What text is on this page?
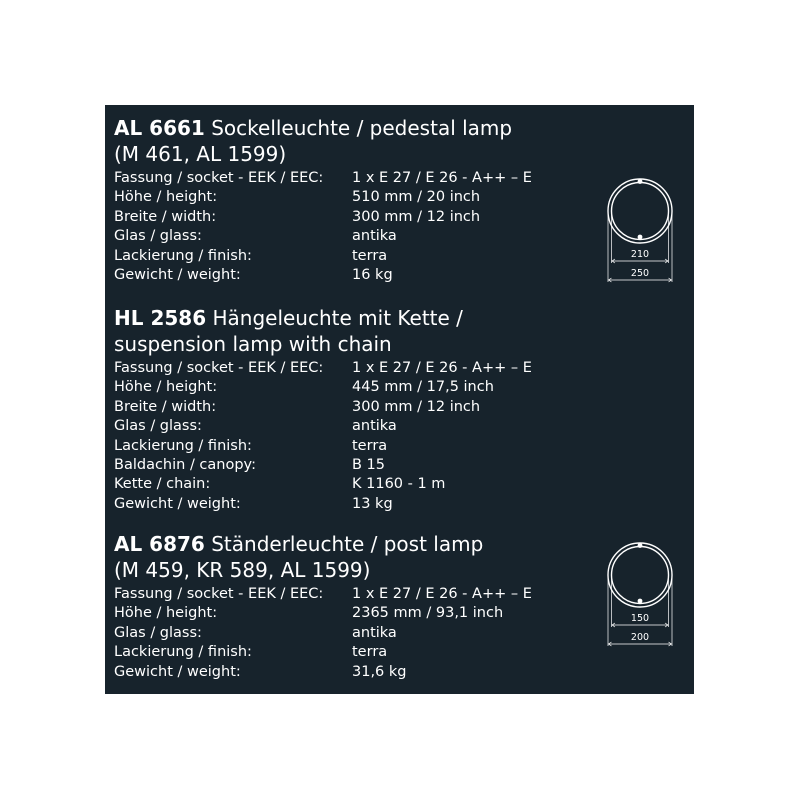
AL 6661 Sockelleuchte / pedestal lamp
(M 461, AL 1599)
Fassung / socket - EEK / EEC:	1 x E 27 / E 26 - A++ – E
Höhe / height:	510 mm / 20 inch
Breite / width:	300 mm / 12 inch
Glas / glass:	antika
Lackierung / finish:	terra
Gewicht / weight:	16 kg
HL 2586 Hängeleuchte mit Kette /
suspension lamp with chain
Fassung / socket - EEK / EEC:	1 x E 27 / E 26 - A++ – E
Höhe / height:	445 mm / 17,5 inch
Breite / width:	300 mm / 12 inch
Glas / glass:	antika
Lackierung / finish:	terra
Baldachin / canopy:	B 15
Kette / chain:	K 1160 - 1 m
Gewicht / weight:	13 kg
AL 6876 Ständerleuchte / post lamp
(M 459, KR 589, AL 1599)
Fassung / socket - EEK / EEC:	1 x E 27 / E 26 - A++ – E
Höhe / height:	2365 mm / 93,1 inch
Glas / glass:	antika
Lackierung / finish:	terra
Gewicht / weight:	31,6 kg
210
250
150
200
